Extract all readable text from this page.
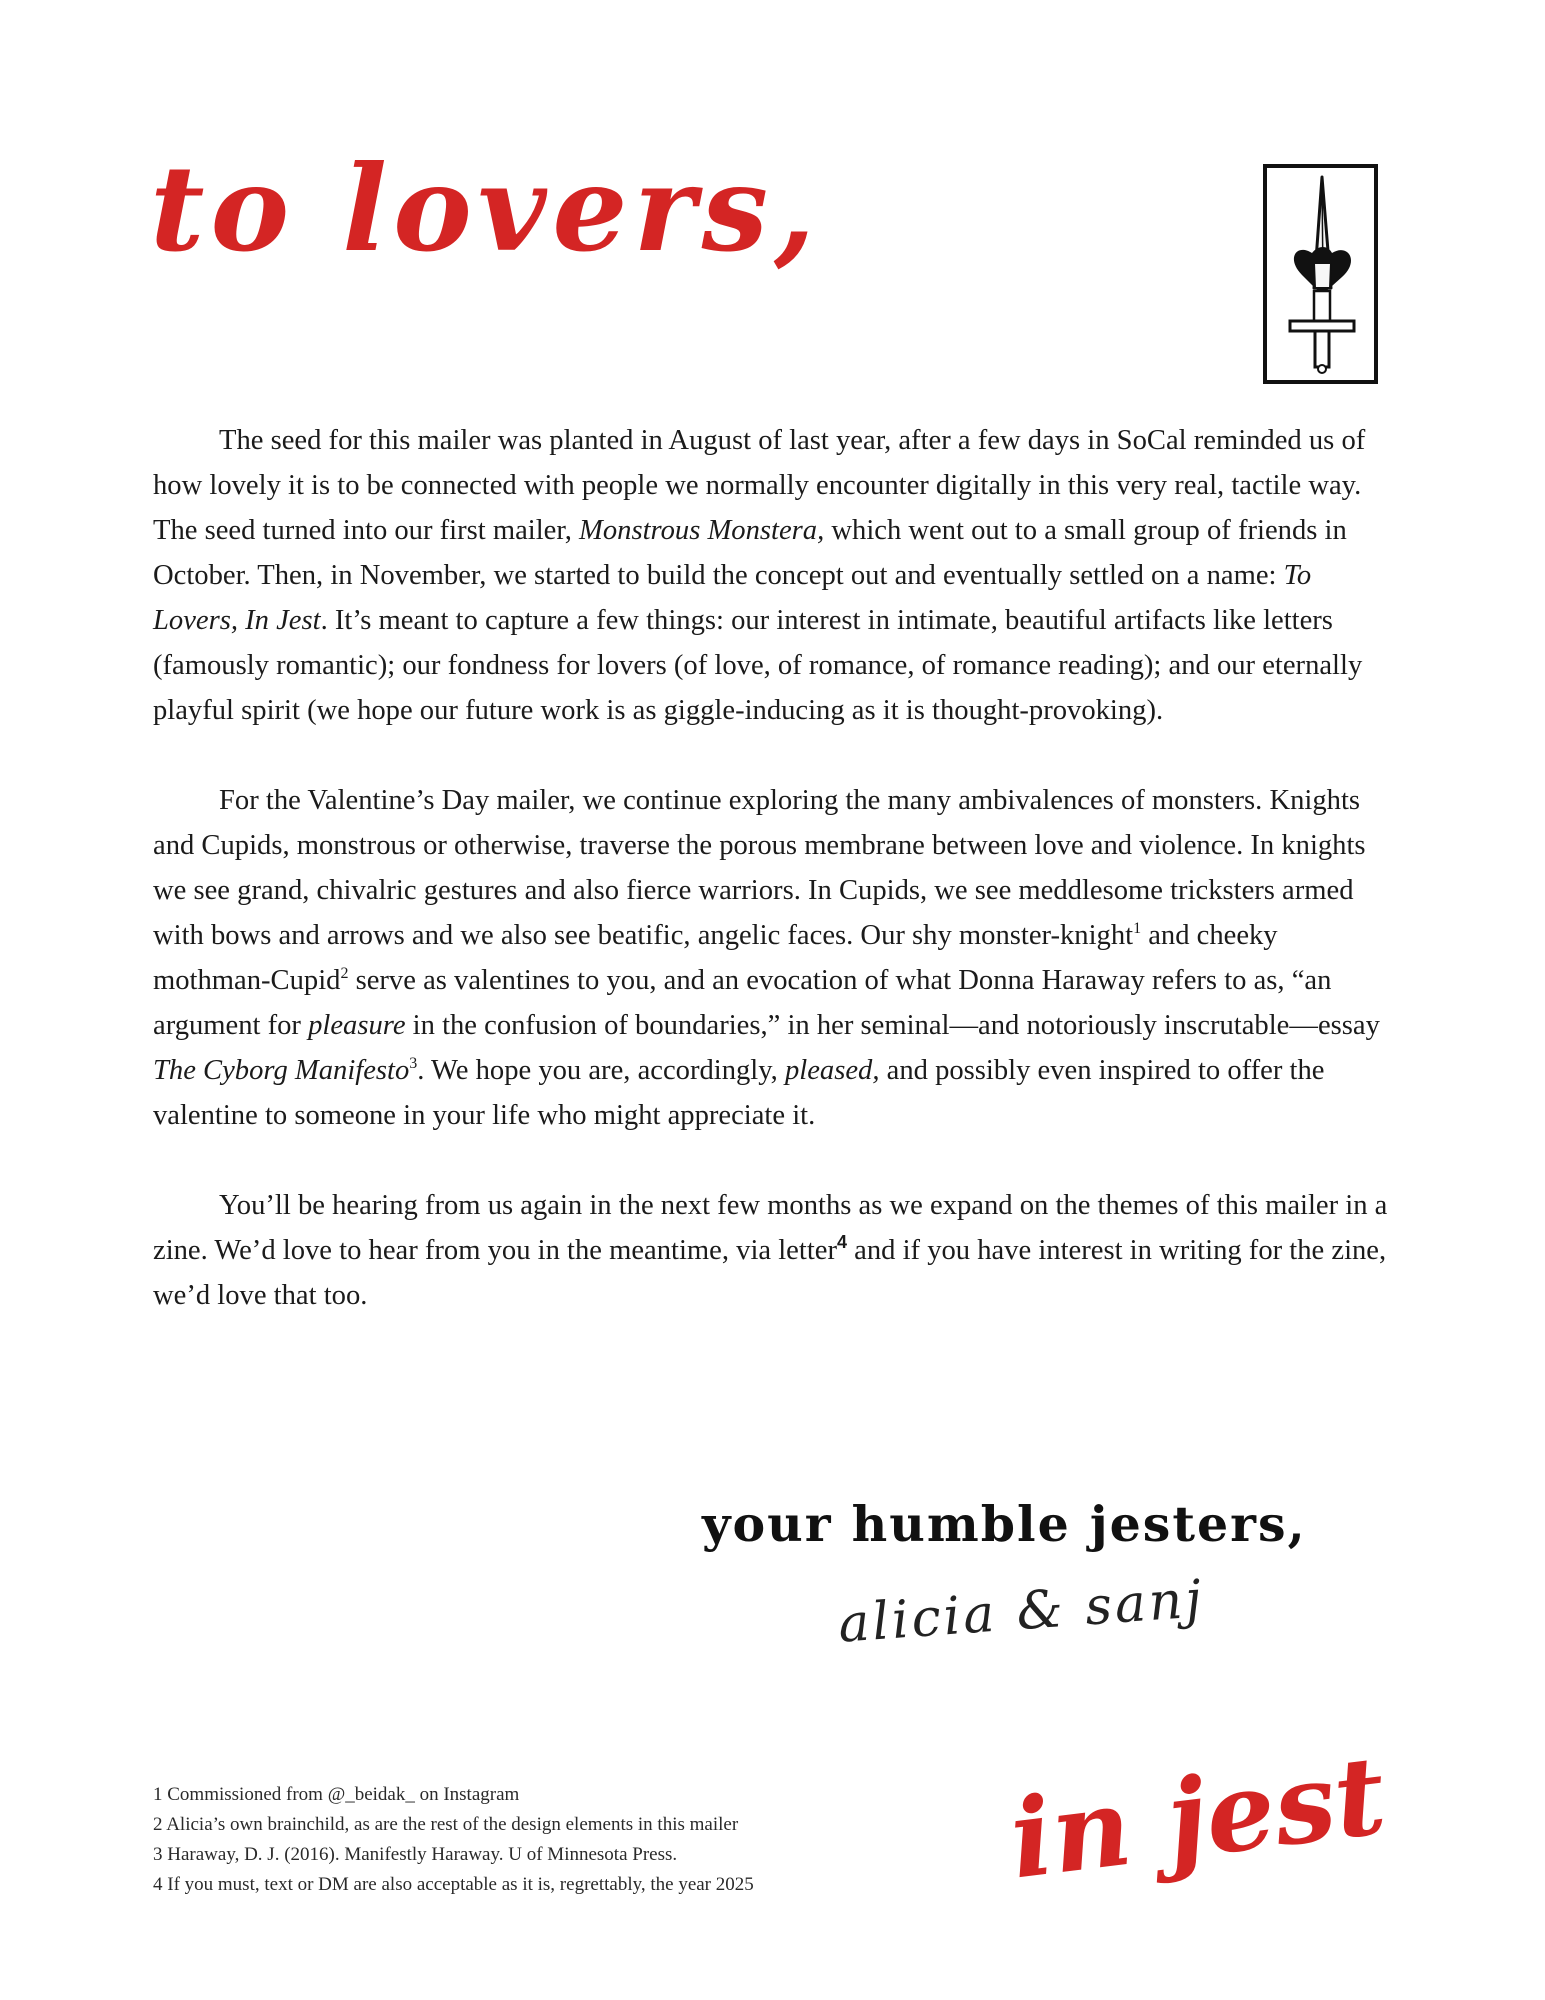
to lovers,

The seed for this mailer was planted in August of last year, after a few days in SoCal reminded us of how lovely it is to be connected with people we normally encounter digitally in this very real, tactile way. The seed turned into our first mailer, Monstrous Monstera, which went out to a small group of friends in October. Then, in November, we started to build the concept out and eventually settled on a name: To Lovers, In Jest. It’s meant to capture a few things: our interest in intimate, beautiful artifacts like letters (famously romantic); our fondness for lovers (of love, of romance, of romance reading); and our eternally playful spirit (we hope our future work is as giggle-inducing as it is thought-provoking).

For the Valentine’s Day mailer, we continue exploring the many ambivalences of monsters. Knights and Cupids, monstrous or otherwise, traverse the porous membrane between love and violence. In knights we see grand, chivalric gestures and also fierce warriors. In Cupids, we see meddlesome tricksters armed with bows and arrows and we also see beatific, angelic faces. Our shy monster-knight$^1$ and cheeky mothman-Cupid$^2$ serve as valentines to you, and an evocation of what Donna Haraway refers to as, “an argument for pleasure in the confusion of boundaries,” in her seminal—and notoriously inscrutable—essay The Cyborg Manifesto$^3$. We hope you are, accordingly, pleased, and possibly even inspired to offer the valentine to someone in your life who might appreciate it.

You’ll be hearing from us again in the next few months as we expand on the themes of this mailer in a zine. We’d love to hear from you in the meantime, via letter$^4$ and if you have interest in writing for the zine, we’d love that too.

your humble jesters,
alicia & sanj
in jest
1 Commissioned from @_beidak_ on Instagram
2 Alicia’s own brainchild, as are the rest of the design elements in this mailer
3 Haraway, D. J. (2016). Manifestly Haraway. U of Minnesota Press.
4 If you must, text or DM are also acceptable as it is, regrettably, the year 2025
